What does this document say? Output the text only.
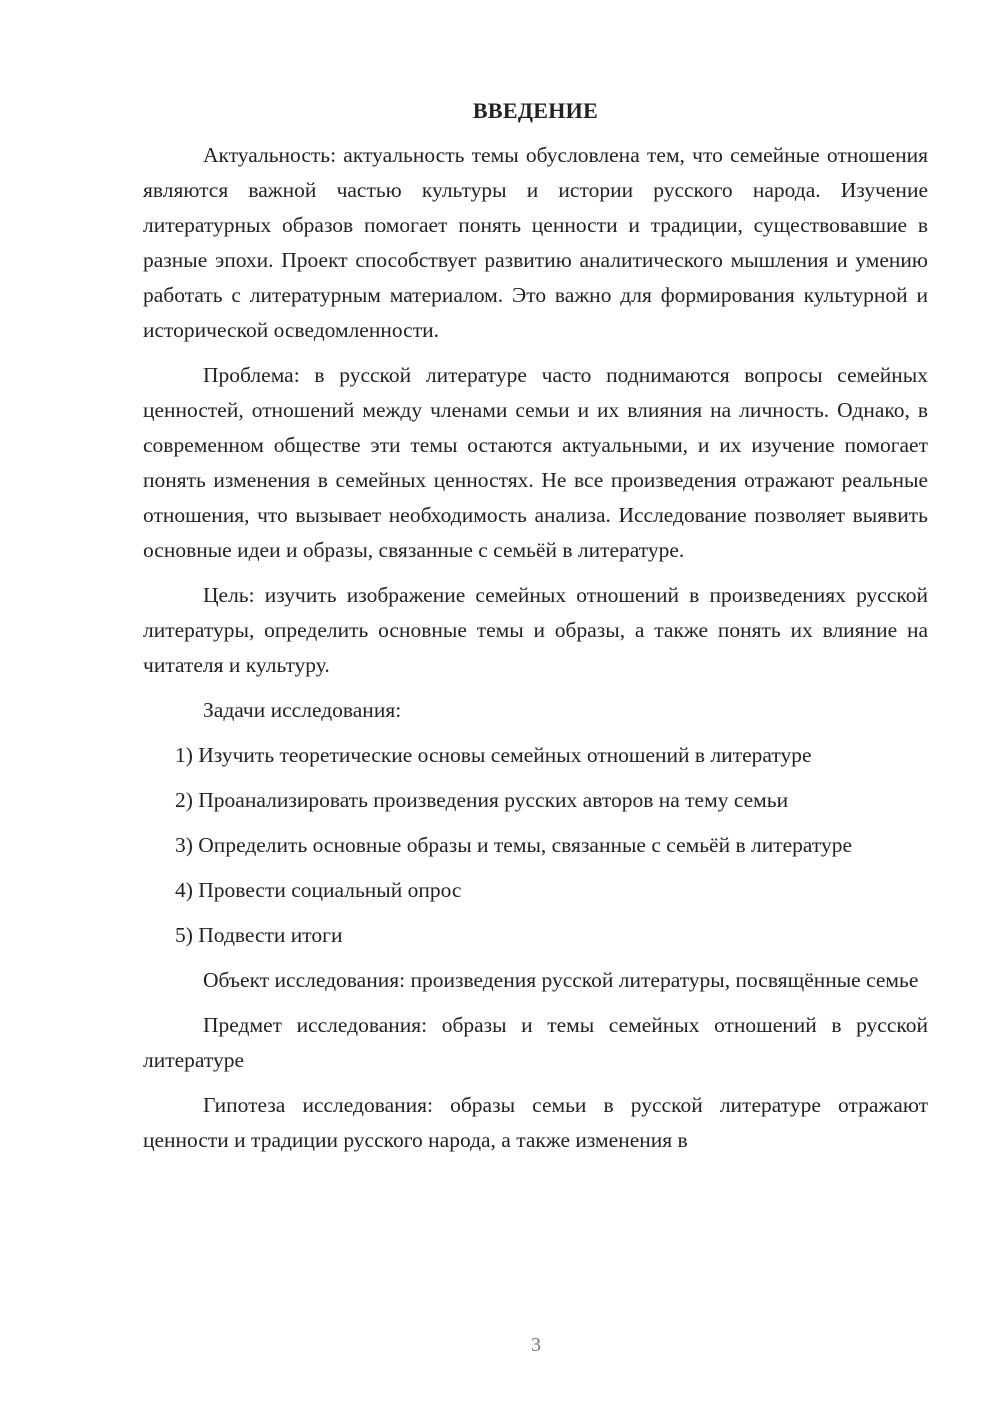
ВВЕДЕНИЕ

Актуальность: актуальность темы обусловлена тем, что семейные отношения являются важной частью культуры и истории русского народа. Изучение литературных образов помогает понять ценности и традиции, существовавшие в разные эпохи. Проект способствует развитию аналитического мышления и умению работать с литературным материалом. Это важно для формирования культурной и исторической осведомленности.

Проблема: в русской литературе часто поднимаются вопросы семейных ценностей, отношений между членами семьи и их влияния на личность. Однако, в современном обществе эти темы остаются актуальными, и их изучение помогает понять изменения в семейных ценностях. Не все произведения отражают реальные отношения, что вызывает необходимость анализа. Исследование позволяет выявить основные идеи и образы, связанные с семьёй в литературе.

Цель: изучить изображение семейных отношений в произведениях русской литературы, определить основные темы и образы, а также понять их влияние на читателя и культуру.

Задачи исследования:

1) Изучить теоретические основы семейных отношений в литературе

2) Проанализировать произведения русских авторов на тему семьи

3) Определить основные образы и темы, связанные с семьёй в литературе

4) Провести социальный опрос

5) Подвести итоги

Объект исследования: произведения русской литературы, посвящённые семье

Предмет исследования: образы и темы семейных отношений в русской литературе

Гипотеза исследования: образы семьи в русской литературе отражают ценности и традиции русского народа, а также изменения в

3
